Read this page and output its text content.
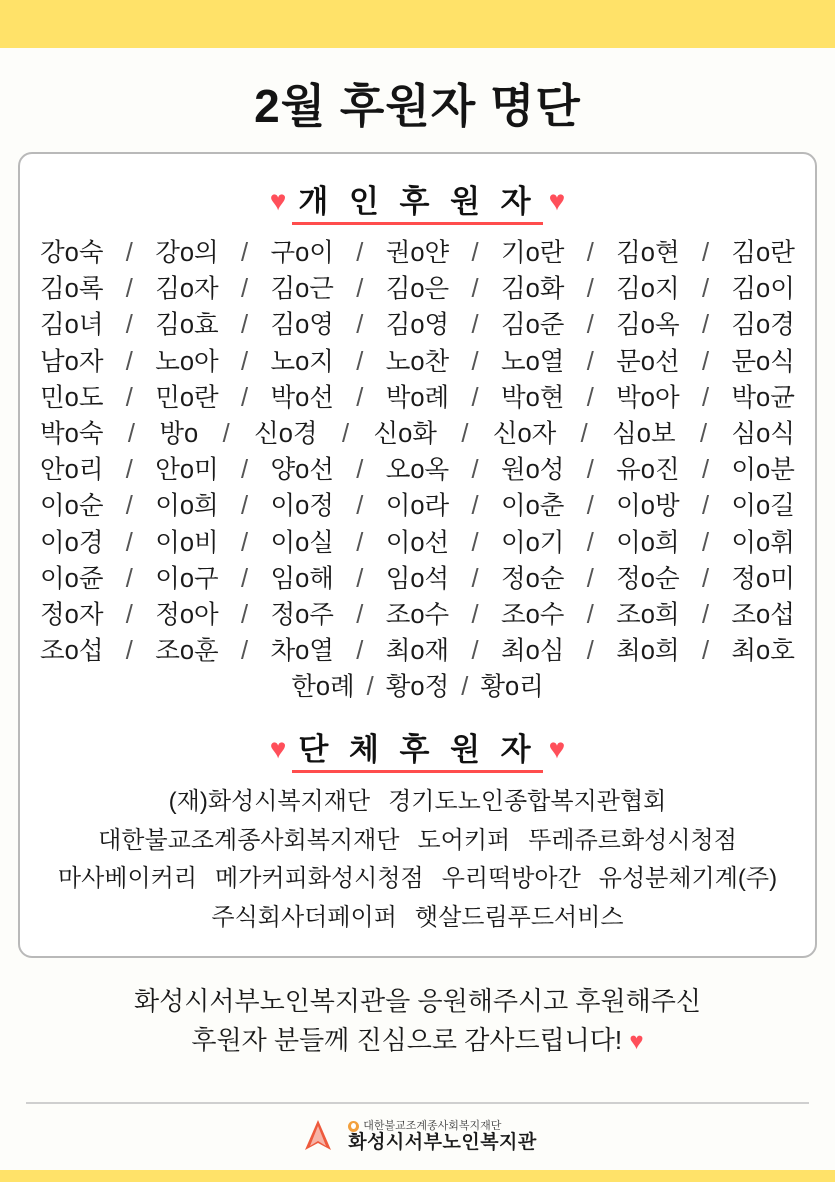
2월 후원자 명단
♥ 개 인 후 원 자 ♥
강o숙 / 강o의 / 구o이 / 권o얀 / 기o란 / 김o현 / 김o란
김o록 / 김o자 / 김o근 / 김o은 / 김o화 / 김o지 / 김o이
김o녀 / 김o효 / 김o영 / 김o영 / 김o준 / 김o옥 / 김o경
남o자 / 노o아 / 노o지 / 노o찬 / 노o열 / 문o선 / 문o식
민o도 / 민o란 / 박o선 / 박o례 / 박o현 / 박o아 / 박o균
박o숙 / 방o / 신o경 / 신o화 / 신o자 / 심o보 / 심o식
안o리 / 안o미 / 양o선 / 오o옥 / 원o성 / 유o진 / 이o분
이o순 / 이o희 / 이o정 / 이o라 / 이o춘 / 이o방 / 이o길
이o경 / 이o비 / 이o실 / 이o선 / 이o기 / 이o희 / 이o휘
이o쥰 / 이o구 / 임o해 / 임o석 / 정o순 / 정o순 / 정o미
정o자 / 정o아 / 정o주 / 조o수 / 조o수 / 조o희 / 조o섭
조o섭 / 조o훈 / 차o열 / 최o재 / 최o심 / 최o희 / 최o호
한o례 / 황o정 / 황o리
♥ 단 체 후 원 자 ♥
(재)화성시복지재단 경기도노인종합복지관협회
대한불교조계종사회복지재단 도어키퍼 뚜레쥬르화성시청점
마사베이커리 메가커피화성시청점 우리떡방아간 유성분체기계(주)
주식회사더페이퍼 햇살드림푸드서비스
화성시서부노인복지관을 응원해주시고 후원해주신
후원자 분들께 진심으로 감사드립니다! ♥
대한불교조계종사회복지재단
화성시서부노인복지관
